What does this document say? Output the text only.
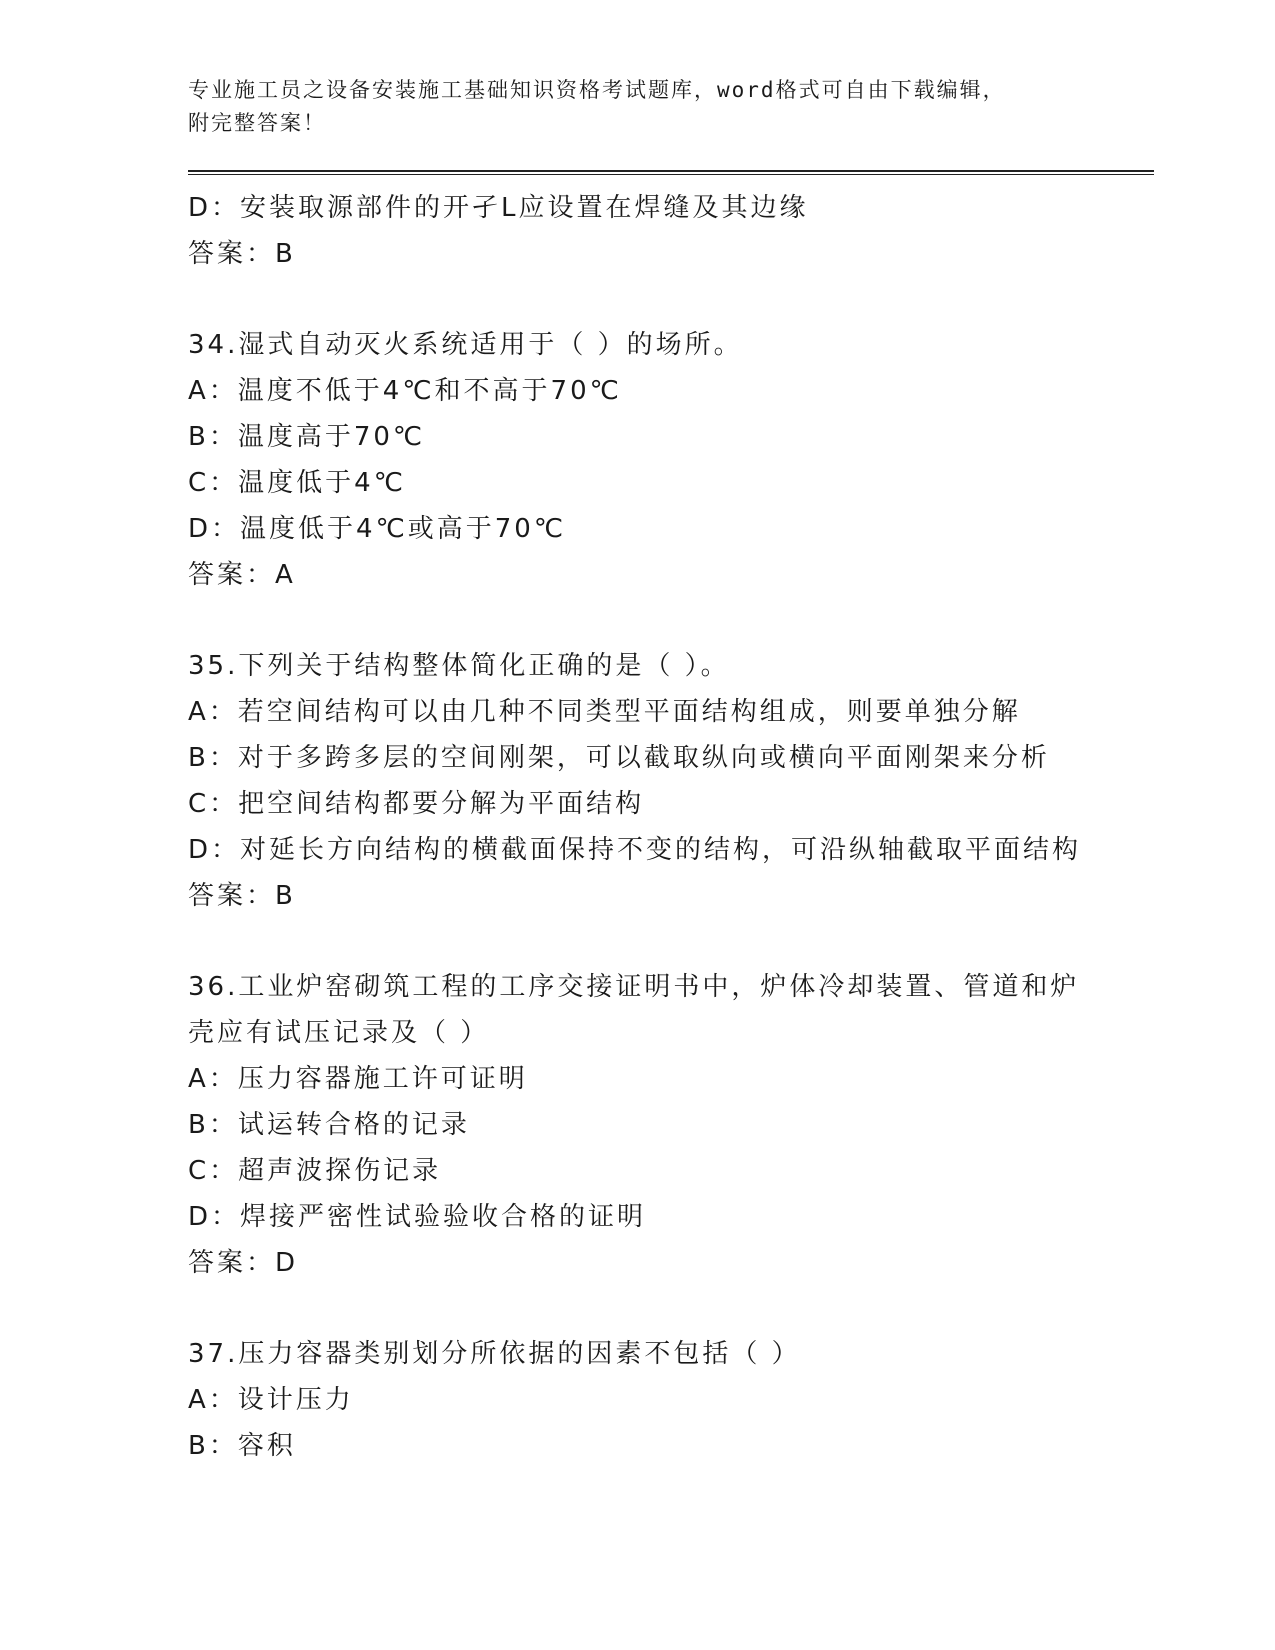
专业施工员之设备安装施工基础知识资格考试题库，word格式可自由下载编辑，
附完整答案！
D：安装取源部件的开孑L应设置在焊缝及其边缘
答案：B
34.湿式自动灭火系统适用于（ ）的场所。
A：温度不低于4℃和不高于70℃
B：温度高于70℃
C：温度低于4℃
D：温度低于4℃或高于70℃
答案：A
35.下列关于结构整体简化正确的是（ ）。
A：若空间结构可以由几种不同类型平面结构组成，则要单独分解
B：对于多跨多层的空间刚架，可以截取纵向或横向平面刚架来分析
C：把空间结构都要分解为平面结构
D：对延长方向结构的横截面保持不变的结构，可沿纵轴截取平面结构
答案：B
36.工业炉窑砌筑工程的工序交接证明书中，炉体冷却装置、管道和炉
壳应有试压记录及（ ）
A：压力容器施工许可证明
B：试运转合格的记录
C：超声波探伤记录
D：焊接严密性试验验收合格的证明
答案：D
37.压力容器类别划分所依据的因素不包括（ ）
A：设计压力
B：容积
